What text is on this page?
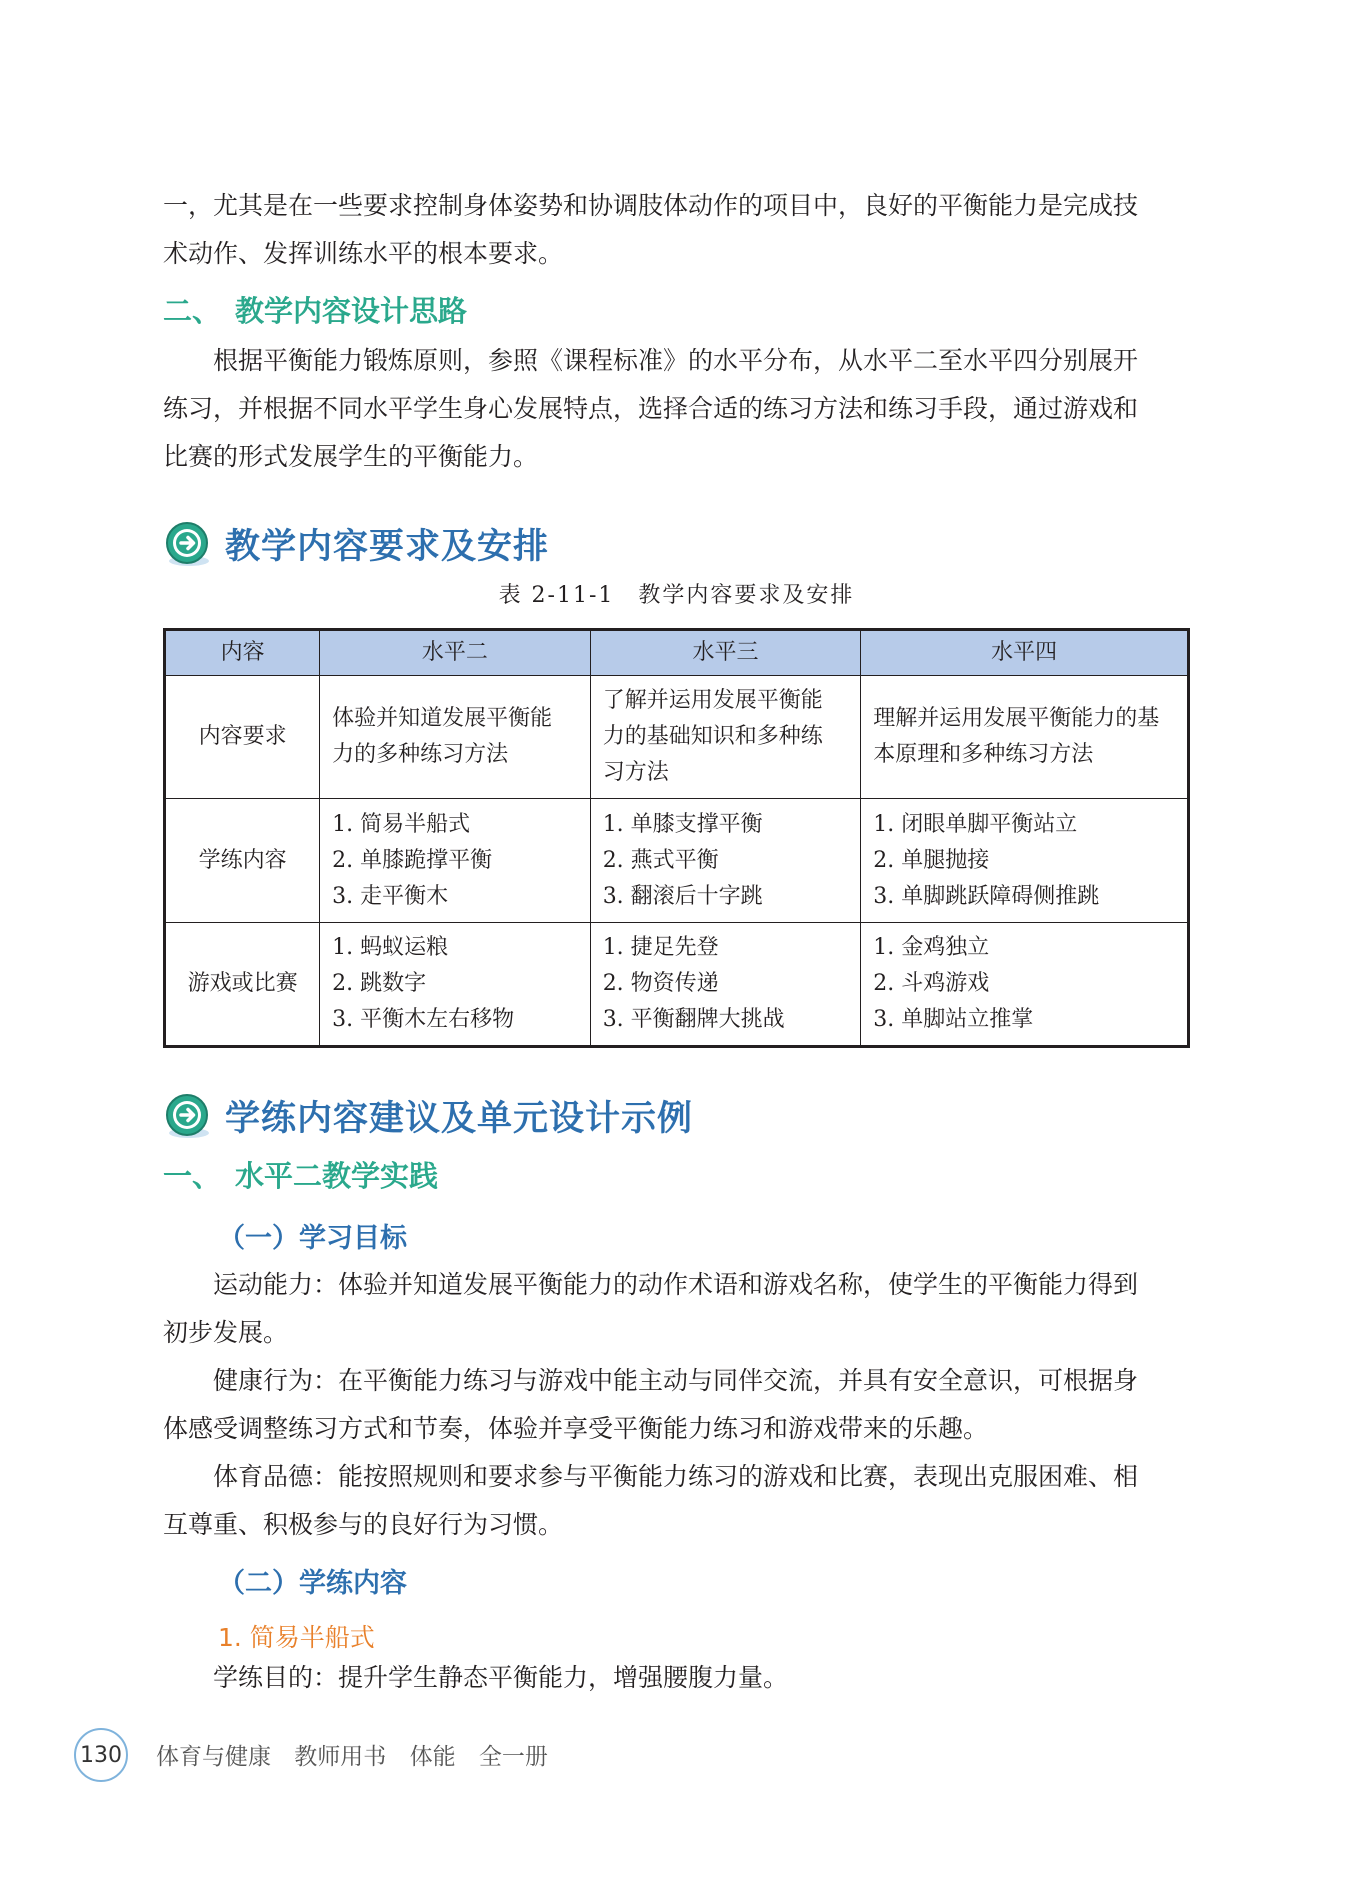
一，尤其是在一些要求控制身体姿势和协调肢体动作的项目中，良好的平衡能力是完成技
术动作、发挥训练水平的根本要求。
二、 教学内容设计思路
　　根据平衡能力锻炼原则，参照《课程标准》的水平分布，从水平二至水平四分别展开
练习，并根据不同水平学生身心发展特点，选择合适的练习方法和练习手段，通过游戏和
比赛的形式发展学生的平衡能力。
教学内容要求及安排
表 2-11-1　教学内容要求及安排
内容	水平二	水平三	水平四
内容要求	体验并知道发展平衡能
力的多种练习方法	了解并运用发展平衡能
力的基础知识和多种练
习方法	理解并运用发展平衡能力的基
本原理和多种练习方法

学练内容	1. 简易半船式
2. 单膝跪撑平衡
3. 走平衡木	1. 单膝支撑平衡
2. 燕式平衡
3. 翻滚后十字跳	1. 闭眼单脚平衡站立
2. 单腿抛接
3. 单脚跳跃障碍侧推跳

游戏或比赛	1. 蚂蚁运粮
2. 跳数字
3. 平衡木左右移物	1. 捷足先登
2. 物资传递
3. 平衡翻牌大挑战	1. 金鸡独立
2. 斗鸡游戏
3. 单脚站立推掌
学练内容建议及单元设计示例
一、 水平二教学实践
（一）学习目标
　　运动能力：体验并知道发展平衡能力的动作术语和游戏名称，使学生的平衡能力得到
初步发展。
　　健康行为：在平衡能力练习与游戏中能主动与同伴交流，并具有安全意识，可根据身
体感受调整练习方式和节奏，体验并享受平衡能力练习和游戏带来的乐趣。
　　体育品德：能按照规则和要求参与平衡能力练习的游戏和比赛，表现出克服困难、相
互尊重、积极参与的良好行为习惯。
（二）学练内容
1. 简易半船式
　　学练目的：提升学生静态平衡能力，增强腰腹力量。
130 体育与健康 教师用书 体能 全一册
